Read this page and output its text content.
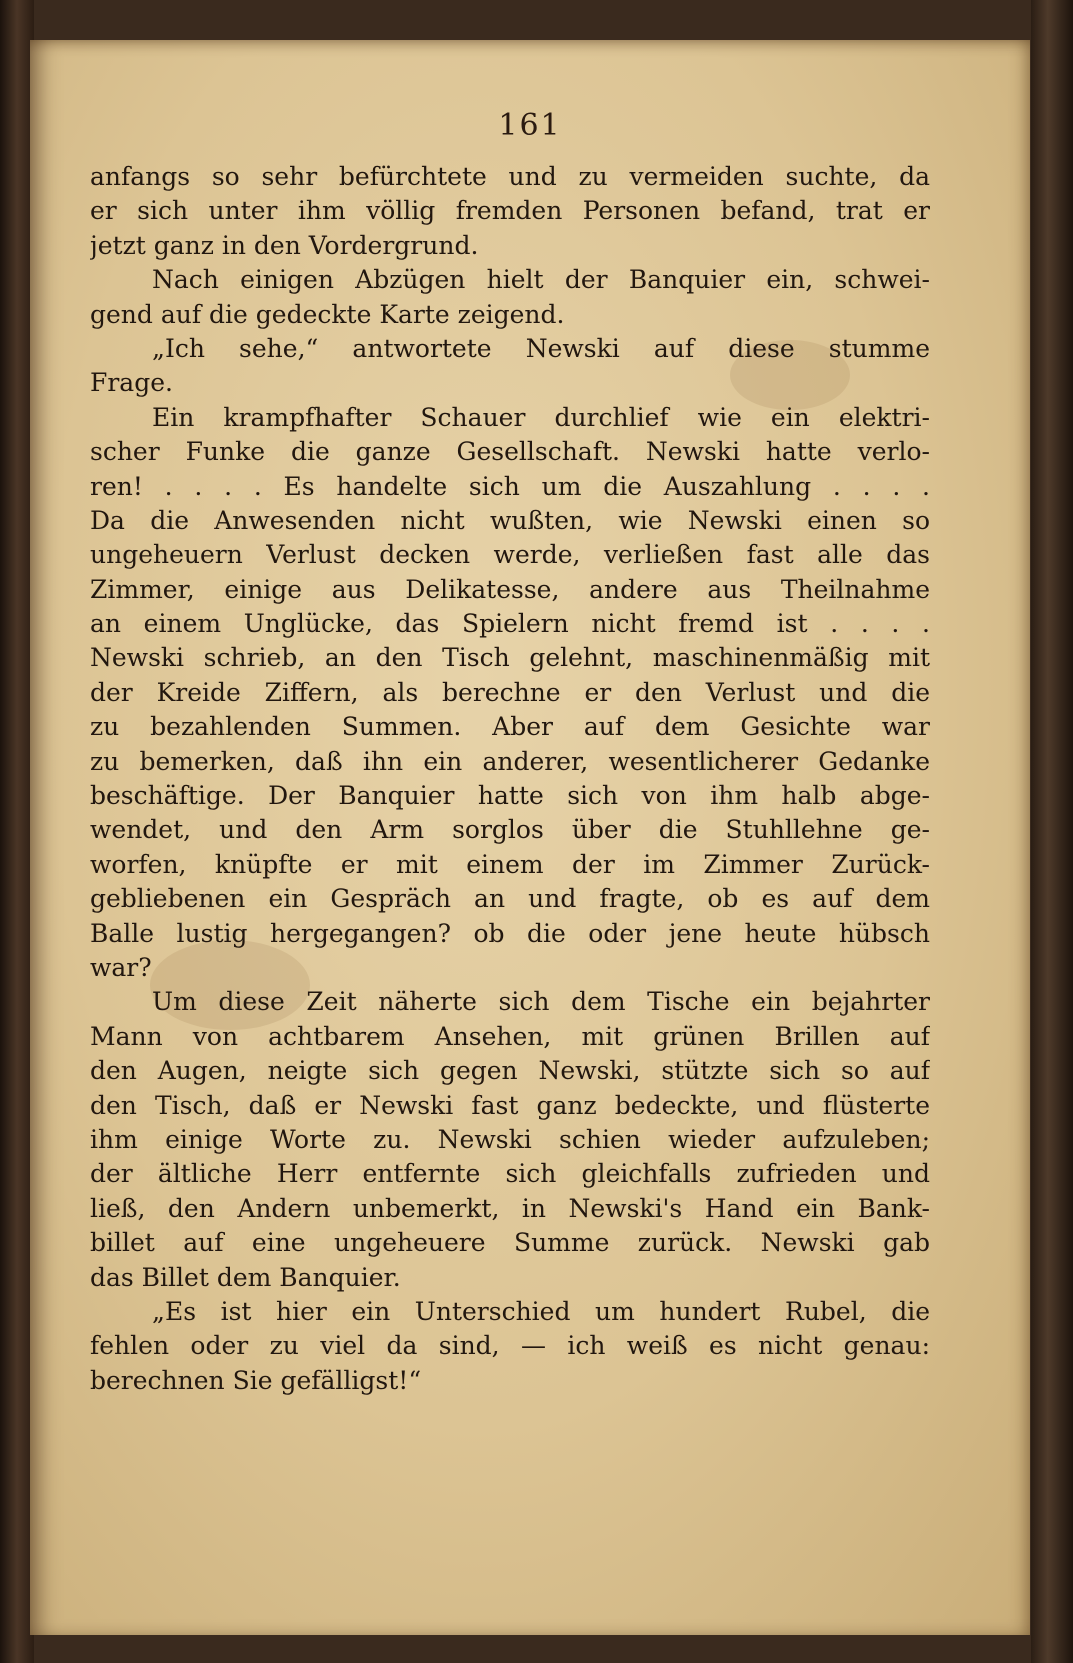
161
anfangs so sehr befürchtete und zu vermeiden suchte, da
er sich unter ihm völlig fremden Personen befand, trat er
jetzt ganz in den Vordergrund.
Nach einigen Abzügen hielt der Banquier ein, schwei-
gend auf die gedeckte Karte zeigend.
„Ich sehe,“ antwortete Newski auf diese stumme
Frage.
Ein krampfhafter Schauer durchlief wie ein elektri-
scher Funke die ganze Gesellschaft. Newski hatte verlo-
ren! . . . . Es handelte sich um die Auszahlung . . . .
Da die Anwesenden nicht wußten, wie Newski einen so
ungeheuern Verlust decken werde, verließen fast alle das
Zimmer, einige aus Delikatesse, andere aus Theilnahme
an einem Unglücke, das Spielern nicht fremd ist . . . .
Newski schrieb, an den Tisch gelehnt, maschinenmäßig mit
der Kreide Ziffern, als berechne er den Verlust und die
zu bezahlenden Summen. Aber auf dem Gesichte war
zu bemerken, daß ihn ein anderer, wesentlicherer Gedanke
beschäftige. Der Banquier hatte sich von ihm halb abge-
wendet, und den Arm sorglos über die Stuhllehne ge-
worfen, knüpfte er mit einem der im Zimmer Zurück-
gebliebenen ein Gespräch an und fragte, ob es auf dem
Balle lustig hergegangen? ob die oder jene heute hübsch
war?
Um diese Zeit näherte sich dem Tische ein bejahrter
Mann von achtbarem Ansehen, mit grünen Brillen auf
den Augen, neigte sich gegen Newski, stützte sich so auf
den Tisch, daß er Newski fast ganz bedeckte, und flüsterte
ihm einige Worte zu. Newski schien wieder aufzuleben;
der ältliche Herr entfernte sich gleichfalls zufrieden und
ließ, den Andern unbemerkt, in Newski's Hand ein Bank-
billet auf eine ungeheuere Summe zurück. Newski gab
das Billet dem Banquier.
„Es ist hier ein Unterschied um hundert Rubel, die
fehlen oder zu viel da sind, — ich weiß es nicht genau:
berechnen Sie gefälligst!“
